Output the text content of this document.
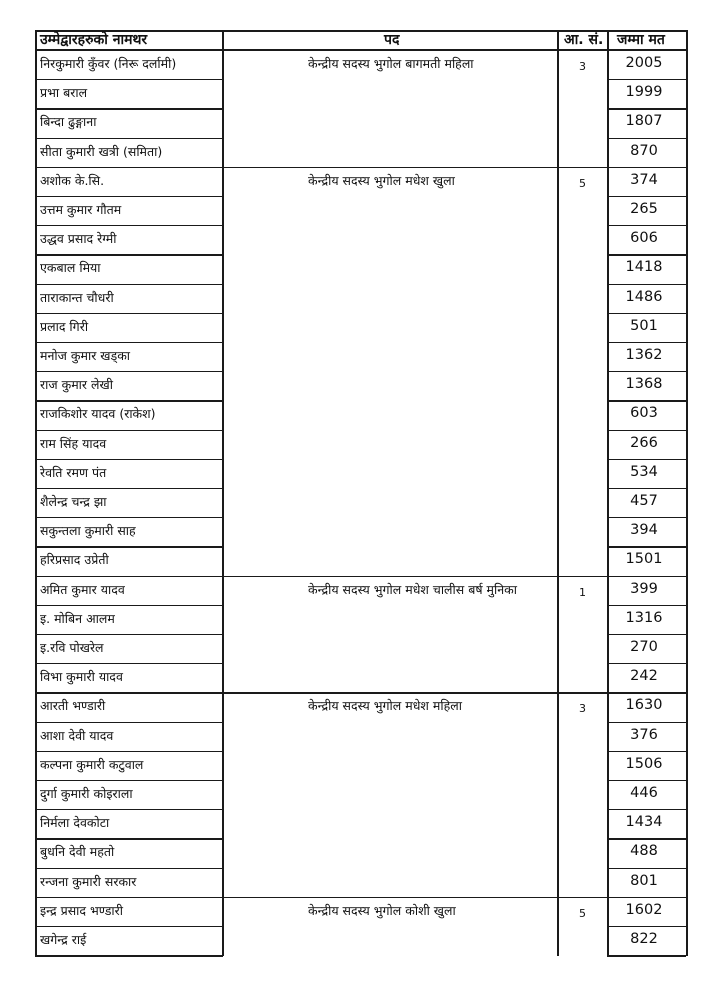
उम्मेद्वारहरुको नामथर	पद	आ. सं. जम्मा मत
केन्द्रीय सदस्य भुगोल बागमती महिला	3
निरकुमारी कुँवर (निरू दर्लामी)	2005
प्रभा बराल	1999
बिन्दा ढुङ्गाना	1807
सीता कुमारी खत्री (समिता)	870
केन्द्रीय सदस्य भुगोल मधेश खुला	5
अशोक के.सि.	374
उत्तम कुमार गौतम	265
उद्धव प्रसाद रेग्मी	606
एकबाल मिया	1418
ताराकान्त चौधरी	1486
प्रलाद गिरी	501
मनोज कुमार खड्का	1362
राज कुमार लेखी	1368
राजकिशोर यादव (राकेश)	603
राम सिंह यादव	266
रेवति रमण पंत	534
शैलेन्द्र चन्द्र झा	457
सकुन्तला कुमारी साह	394
हरिप्रसाद उप्रेती	1501
केन्द्रीय सदस्य भुगोल मधेश चालीस बर्ष मुनिका	1
अमित कुमार यादव	399
इ. मोबिन आलम	1316
इ.रवि पोखरेल	270
विभा कुमारी यादव	242
केन्द्रीय सदस्य भुगोल मधेश महिला	3
आरती भण्डारी	1630
आशा देवी यादव	376
कल्पना कुमारी कटुवाल	1506
दुर्गा कुमारी कोइराला	446
निर्मला देवकोटा	1434
बुधनि देवी महतो	488
रन्जना कुमारी सरकार	801
केन्द्रीय सदस्य भुगोल कोशी खुला	5
इन्द्र प्रसाद भण्डारी	1602
खगेन्द्र राई	822
